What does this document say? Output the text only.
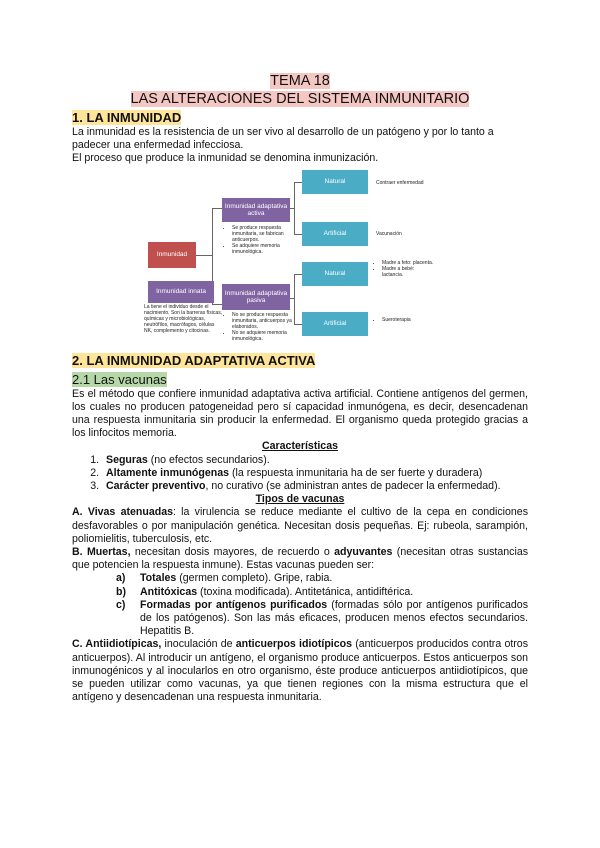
TEMA 18
LAS ALTERACIONES DEL SISTEMA INMUNITARIO
1. LA INMUNIDAD

La inmunidad es la resistencia de un ser vivo al desarrollo de un patógeno y por lo tanto a padecer una enfermedad infecciosa.

El proceso que produce la inmunidad se denomina inmunización.

Inmunidad
Inmunidad innata
La tiene el individuo desde el nacimiento. Son la barreras físicas, químicas y microbiológicas, neutrófilos, macrófagos, células NK, complemento y citocinas.
Inmunidad adaptativa activa
• Se produce respuesta inmunitaria, se fabrican anticuerpos.
• Se adquiere memoria inmunológica.
Inmunidad adaptativa pasiva
• No se produce respuesta inmunitaria, anticuerpos ya elaborados.
• No se adquiere memoria inmunológica.
Natural	Contraer enfermedad
Artificial	Vacunación
Natural
• Madre a feto: placenta.
• Madre a bebé: lactancia.
Artificial
• Sueroterapia
2. LA INMUNIDAD ADAPTATIVA ACTIVA
2.1 Las vacunas

Es el método que confiere inmunidad adaptativa activa artificial. Contiene antígenos del germen, los cuales no producen patogeneidad pero sí capacidad inmunógena, es decir, desencadenan una respuesta inmunitaria sin producir la enfermedad. El organismo queda protegido gracias a los linfocitos memoria.

Características

1. Seguras (no efectos secundarios).
2. Altamente inmunógenas (la respuesta inmunitaria ha de ser fuerte y duradera)
3. Carácter preventivo, no curativo (se administran antes de padecer la enfermedad).

Tipos de vacunas

A. Vivas atenuadas: la virulencia se reduce mediante el cultivo de la cepa en condiciones desfavorables o por manipulación genética. Necesitan dosis pequeñas. Ej: rubeola, sarampión, poliomielitis, tuberculosis, etc.

B. Muertas, necesitan dosis mayores, de recuerdo o adyuvantes (necesitan otras sustancias que potencien la respuesta inmune). Estas vacunas pueden ser:

a) Totales (germen completo). Gripe, rabia.
b) Antitóxicas (toxina modificada). Antitetánica, antidiftérica.
c) Formadas por antígenos purificados (formadas sólo por antígenos purificados de los patógenos). Son las más eficaces, producen menos efectos secundarios. Hepatitis B.

C. Antiidiotípicas, inoculación de anticuerpos idiotípicos (anticuerpos producidos contra otros anticuerpos). Al introducir un antígeno, el organismo produce anticuerpos. Estos anticuerpos son inmunogénicos y al inocularlos en otro organismo, éste produce anticuerpos antiidiotípicos, que se pueden utilizar como vacunas, ya que tienen regiones con la misma estructura que el antígeno y desencadenan una respuesta inmunitaria.
